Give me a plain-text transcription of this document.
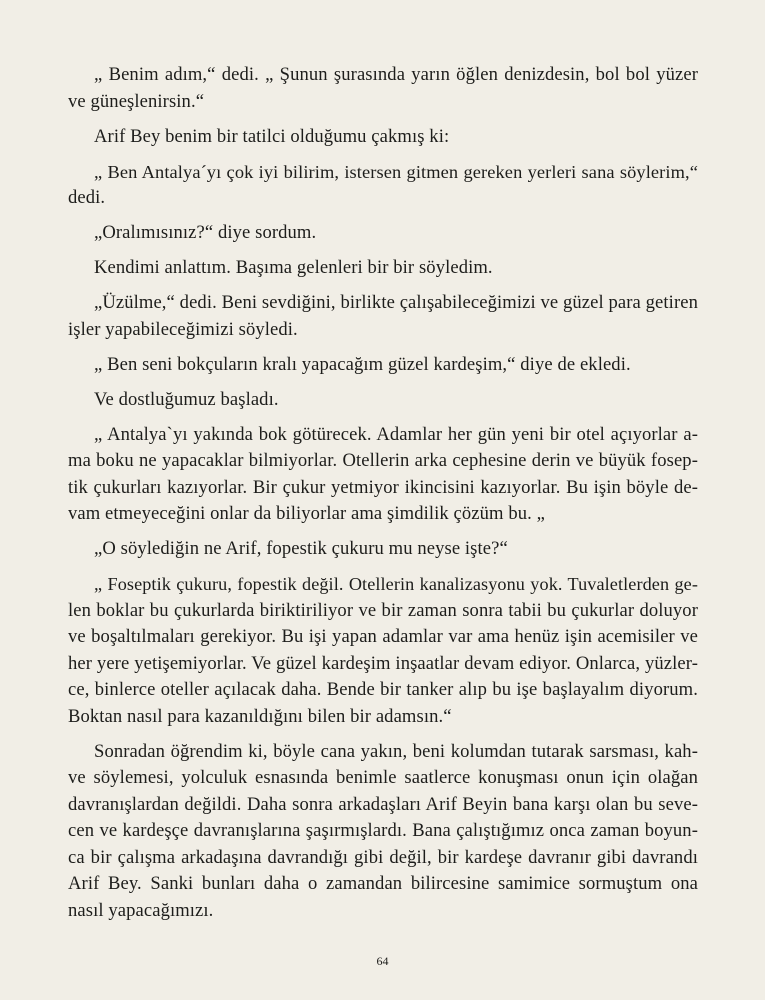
„ Benim adım,“ dedi. „ Şunun şurasında yarın öğlen denizdesin, bol bol yüzer
ve güneşlenirsin.“
Arif Bey benim bir tatilci olduğumu çakmış ki:
„ Ben Antalya´yı çok iyi bilirim, istersen gitmen gereken yerleri sana söylerim,“
dedi.
„Oralımısınız?“ diye sordum.
Kendimi anlattım. Başıma gelenleri bir bir söyledim.
„Üzülme,“ dedi. Beni sevdiğini, birlikte çalışabileceğimizi ve güzel para getiren
işler yapabileceğimizi söyledi.
„ Ben seni bokçuların kralı yapacağım güzel kardeşim,“ diye de ekledi.
Ve dostluğumuz başladı.
„ Antalya`yı yakında bok götürecek. Adamlar her gün yeni bir otel açıyorlar a-
ma boku ne yapacaklar bilmiyorlar. Otellerin arka cephesine derin ve büyük fosep-
tik çukurları kazıyorlar. Bir çukur yetmiyor ikincisini kazıyorlar. Bu işin böyle de-
vam etmeyeceğini onlar da biliyorlar ama şimdilik çözüm bu. „
„O söylediğin ne Arif, fopestik çukuru mu neyse işte?“
„ Foseptik çukuru, fopestik değil. Otellerin kanalizasyonu yok. Tuvaletlerden ge-
len boklar bu çukurlarda biriktiriliyor ve bir zaman sonra tabii bu çukurlar doluyor
ve boşaltılmaları gerekiyor. Bu işi yapan adamlar var ama henüz işin acemisiler ve
her yere yetişemiyorlar. Ve güzel kardeşim inşaatlar devam ediyor. Onlarca, yüzler-
ce, binlerce oteller açılacak daha. Bende bir tanker alıp bu işe başlayalım diyorum.
Boktan nasıl para kazanıldığını bilen bir adamsın.“
Sonradan öğrendim ki, böyle cana yakın, beni kolumdan tutarak sarsması, kah-
ve söylemesi, yolculuk esnasında benimle saatlerce konuşması onun için olağan
davranışlardan değildi. Daha sonra arkadaşları Arif Beyin bana karşı olan bu seve-
cen ve kardeşçe davranışlarına şaşırmışlardı. Bana çalıştığımız onca zaman boyun-
ca bir çalışma arkadaşına davrandığı gibi değil, bir kardeşe davranır gibi davrandı
Arif Bey. Sanki bunları daha o zamandan bilircesine samimice sormuştum ona
nasıl yapacağımızı.
64
